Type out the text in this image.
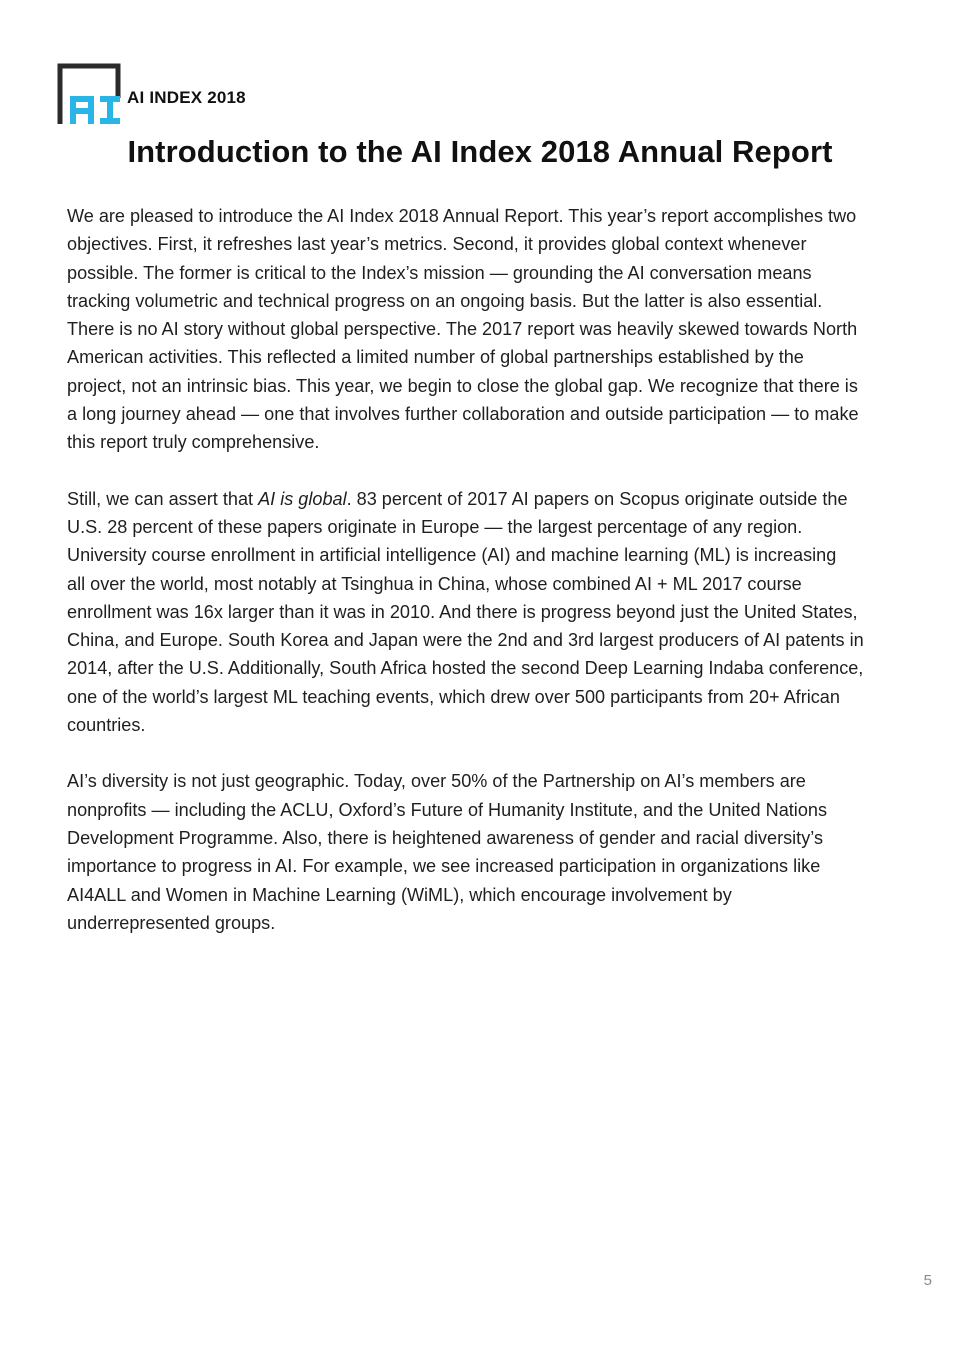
AI INDEX 2018
Introduction to the AI Index 2018 Annual Report

We are pleased to introduce the AI Index 2018 Annual Report. This year’s report accomplishes two
objectives. First, it refreshes last year’s metrics. Second, it provides global context whenever
possible. The former is critical to the Index’s mission — grounding the AI conversation means
tracking volumetric and technical progress on an ongoing basis. But the latter is also essential.
There is no AI story without global perspective. The 2017 report was heavily skewed towards North
American activities. This reflected a limited number of global partnerships established by the
project, not an intrinsic bias. This year, we begin to close the global gap. We recognize that there is
a long journey ahead — one that involves further collaboration and outside participation — to make
this report truly comprehensive.

Still, we can assert that AI is global. 83 percent of 2017 AI papers on Scopus originate outside the
U.S. 28 percent of these papers originate in Europe — the largest percentage of any region.
University course enrollment in artificial intelligence (AI) and machine learning (ML) is increasing
all over the world, most notably at Tsinghua in China, whose combined AI + ML 2017 course
enrollment was 16x larger than it was in 2010. And there is progress beyond just the United States,
China, and Europe. South Korea and Japan were the 2nd and 3rd largest producers of AI patents in
2014, after the U.S. Additionally, South Africa hosted the second Deep Learning Indaba conference,
one of the world’s largest ML teaching events, which drew over 500 participants from 20+ African
countries.

AI’s diversity is not just geographic. Today, over 50% of the Partnership on AI’s members are
nonprofits — including the ACLU, Oxford’s Future of Humanity Institute, and the United Nations
Development Programme. Also, there is heightened awareness of gender and racial diversity’s
importance to progress in AI. For example, we see increased participation in organizations like
AI4ALL and Women in Machine Learning (WiML), which encourage involvement by
underrepresented groups.

5
